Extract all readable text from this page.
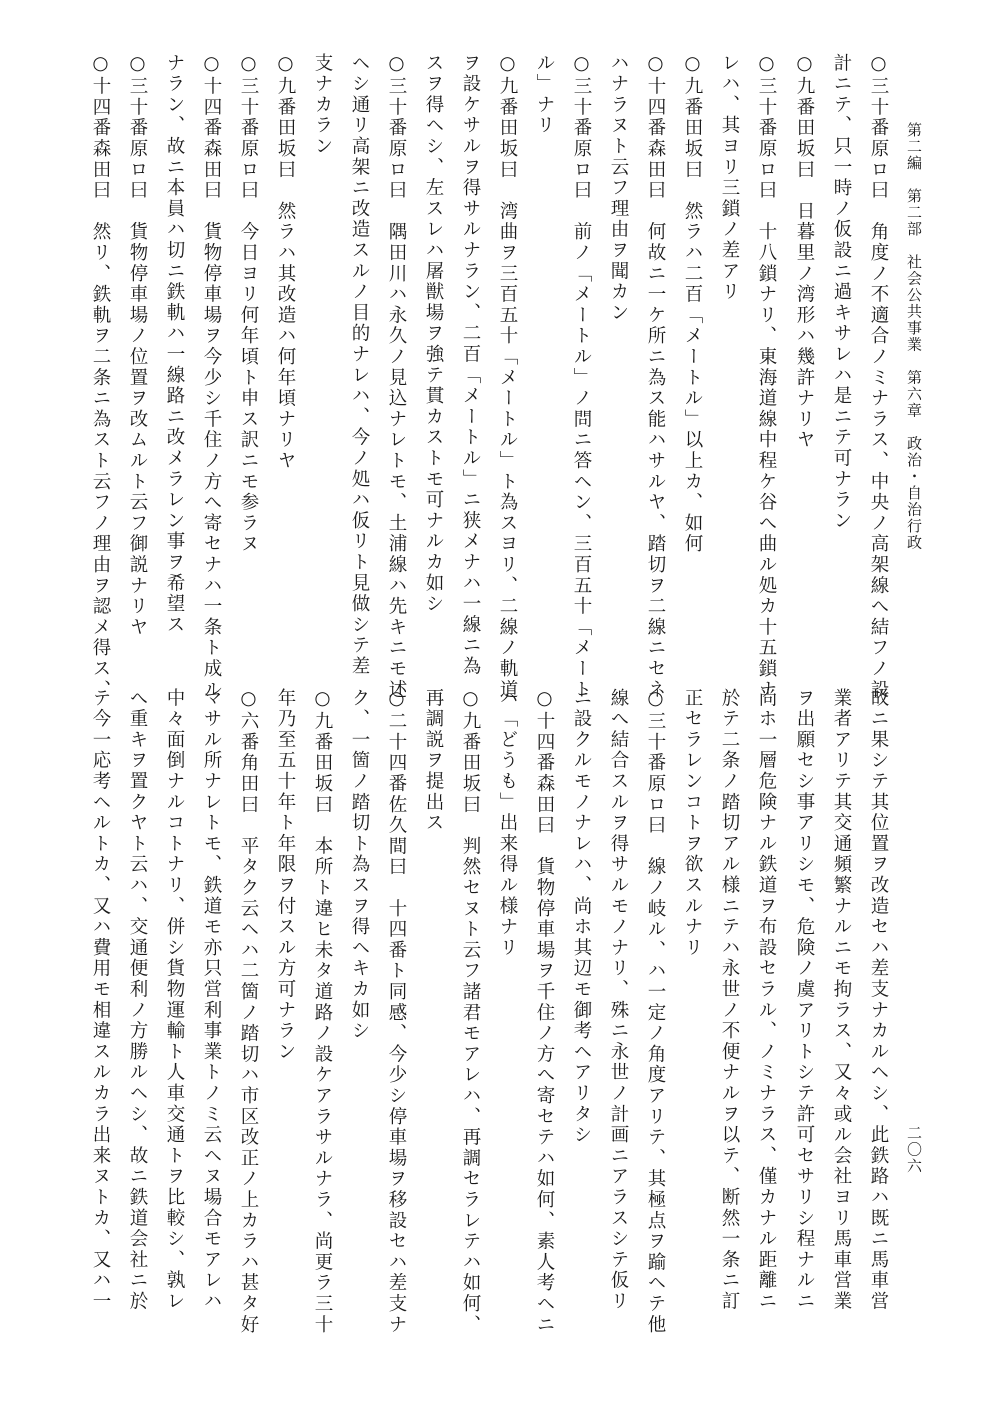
第二編　第二部　社会公共事業　第六章　政治・自治行政
二〇六
○三十番原ロ曰　角度ノ不適合ノミナラス、中央ノ高架線へ結フノ設
計ニテ、只一時ノ仮設ニ過キサレハ是ニテ可ナラン
○九番田坂曰　日暮里ノ湾形ハ幾許ナリヤ
○三十番原ロ曰　十八鎖ナリ、東海道線中程ケ谷へ曲ル処カ十五鎖ナ
レハ、其ヨリ三鎖ノ差アリ
○九番田坂曰　然ラハ二百「メートル」以上カ、如何
○十四番森田曰　何故ニ一ケ所ニ為ス能ハサルヤ、踏切ヲ二線ニセネ
ハナラヌト云フ理由ヲ聞カン
○三十番原ロ曰　前ノ「メートル」ノ問ニ答ヘン、三百五十「メート
ル」ナリ
○九番田坂曰　湾曲ヲ三百五十「メートル」ト為スヨリ、二線ノ軌道
ヲ設ケサルヲ得サルナラン、二百「メートル」ニ狭メナハ一線ニ為
スヲ得ヘシ、左スレハ屠獣場ヲ強テ貫カストモ可ナルカ如シ
○三十番原ロ曰　隅田川ハ永久ノ見込ナレトモ、土浦線ハ先キニモ述
ヘシ通リ高架ニ改造スルノ目的ナレハ、今ノ処ハ仮リト見做シテ差
支ナカラン
○九番田坂曰　然ラハ其改造ハ何年頃ナリヤ
○三十番原ロ曰　今日ヨリ何年頃ト申ス訳ニモ参ラヌ
○十四番森田曰　貨物停車場ヲ今少シ千住ノ方へ寄セナハ一条ト成ル
ナラン、故ニ本員ハ切ニ鉄軌ハ一線路ニ改メラレン事ヲ希望ス
○三十番原ロ曰　貨物停車場ノ位置ヲ改ムルト云フ御説ナリヤ
○十四番森田曰　然リ、鉄軌ヲ二条ニ為スト云フノ理由ヲ認メ得ス、
故ニ果シテ其位置ヲ改造セハ差支ナカルヘシ、此鉄路ハ既ニ馬車営
業者アリテ其交通頻繁ナルニモ拘ラス、又々或ル会社ヨリ馬車営業
ヲ出願セシ事アリシモ、危険ノ虞アリトシテ許可セサリシ程ナルニ
尚ホ一層危険ナル鉄道ヲ布設セラル、ノミナラス、僅カナル距離ニ
於テ二条ノ踏切アル様ニテハ永世ノ不便ナルヲ以テ、断然一条ニ訂
正セラレンコトヲ欲スルナリ
○三十番原ロ曰　線ノ岐ル、ハ一定ノ角度アリテ、其極点ヲ踰ヘテ他
線へ結合スルヲ得サルモノナリ、殊ニ永世ノ計画ニアラスシテ仮リ
ニ設クルモノナレハ、尚ホ其辺モ御考ヘアリタシ
○十四番森田曰　貨物停車場ヲ千住ノ方へ寄セテハ如何、素人考ヘニ
ハ「どうも」出来得ル様ナリ
○九番田坂曰　判然セヌト云フ諸君モアレハ、再調セラレテハ如何、
再調説ヲ提出ス
○二十四番佐久間曰　十四番ト同感、今少シ停車場ヲ移設セハ差支ナ
ク、一箇ノ踏切ト為スヲ得ヘキカ如シ
○九番田坂曰　本所ト違ヒ未タ道路ノ設ケアラサルナラ、尚更ラ三十
年乃至五十年ト年限ヲ付スル方可ナラン
○六番角田曰　平タク云ヘハ二箇ノ踏切ハ市区改正ノ上カラハ甚タ好
マサル所ナレトモ、鉄道モ亦只営利事業トノミ云ヘヌ場合モアレハ
中々面倒ナルコトナリ、併シ貨物運輸ト人車交通トヲ比較シ、孰レ
へ重キヲ置クヤト云ハ、交通便利ノ方勝ルヘシ、故ニ鉄道会社ニ於
テ今一応考ヘルトカ、又ハ費用モ相違スルカラ出来ヌトカ、又ハ一
